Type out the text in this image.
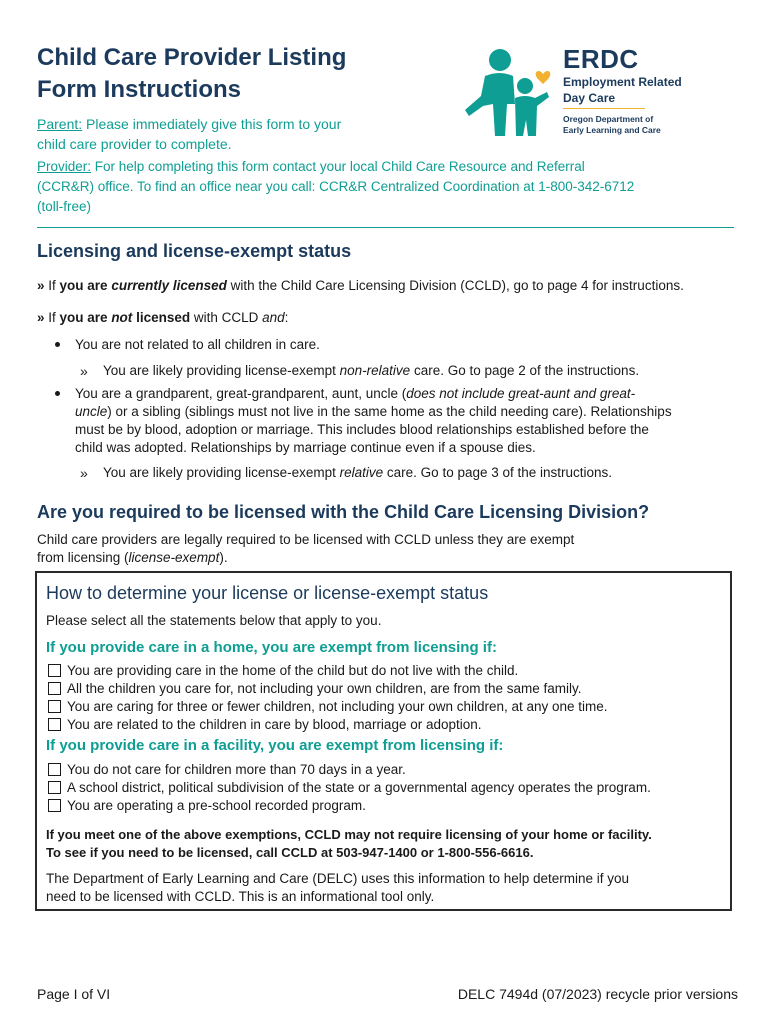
Child Care Provider Listing
Form Instructions
ERDC
Employment Related
Day Care
Oregon Department of
Early Learning and Care
Parent: Please immediately give this form to your
child care provider to complete.
Provider: For help completing this form contact your local Child Care Resource and Referral
(CCR&R) office. To find an office near you call: CCR&R Centralized Coordination at 1-800-342-6712
(toll-free)
Licensing and license-exempt status
» If you are currently licensed with the Child Care Licensing Division (CCLD), go to page 4 for instructions.
» If you are not licensed with CCLD and:
You are not related to all children in care.
» You are likely providing license-exempt non-relative care. Go to page 2 of the instructions.
You are a grandparent, great-grandparent, aunt, uncle (does not include great-aunt and great-
uncle) or a sibling (siblings must not live in the same home as the child needing care). Relationships
must be by blood, adoption or marriage. This includes blood relationships established before the
child was adopted. Relationships by marriage continue even if a spouse dies.
» You are likely providing license-exempt relative care. Go to page 3 of the instructions.
Are you required to be licensed with the Child Care Licensing Division?
Child care providers are legally required to be licensed with CCLD unless they are exempt
from licensing (license-exempt).
How to determine your license or license-exempt status
Please select all the statements below that apply to you.
If you provide care in a home, you are exempt from licensing if:
You are providing care in the home of the child but do not live with the child.
All the children you care for, not including your own children, are from the same family.
You are caring for three or fewer children, not including your own children, at any one time.
You are related to the children in care by blood, marriage or adoption.
If you provide care in a facility, you are exempt from licensing if:
You do not care for children more than 70 days in a year.
A school district, political subdivision of the state or a governmental agency operates the program.
You are operating a pre-school recorded program.
If you meet one of the above exemptions, CCLD may not require licensing of your home or facility.
To see if you need to be licensed, call CCLD at 503-947-1400 or 1-800-556-6616.
The Department of Early Learning and Care (DELC) uses this information to help determine if you
need to be licensed with CCLD. This is an informational tool only.
Page I of VI	DELC 7494d (07/2023) recycle prior versions
